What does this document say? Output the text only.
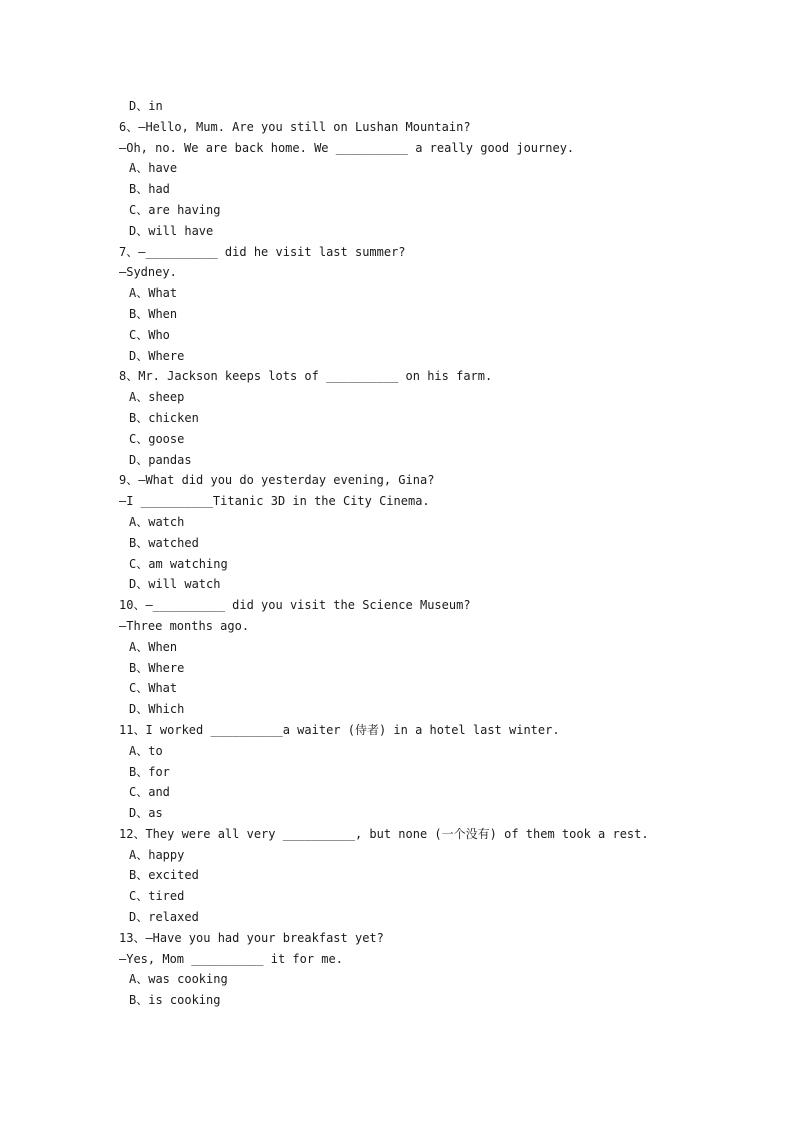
D、in
6、—Hello, Mum. Are you still on Lushan Mountain?
—Oh, no. We are back home. We __________ a really good journey.
A、have
B、had
C、are having
D、will have
7、—__________ did he visit last summer?
—Sydney.
A、What
B、When
C、Who
D、Where
8、Mr. Jackson keeps lots of __________ on his farm.
A、sheep
B、chicken
C、goose
D、pandas
9、—What did you do yesterday evening, Gina?
—I __________Titanic 3D in the City Cinema.
A、watch
B、watched
C、am watching
D、will watch
10、—__________ did you visit the Science Museum?
—Three months ago.
A、When
B、Where
C、What
D、Which
11、I worked __________a waiter (侍者) in a hotel last winter.
A、to
B、for
C、and
D、as
12、They were all very __________, but none (一个没有) of them took a rest.
A、happy
B、excited
C、tired
D、relaxed
13、—Have you had your breakfast yet?
—Yes, Mom __________ it for me.
A、was cooking
B、is cooking
